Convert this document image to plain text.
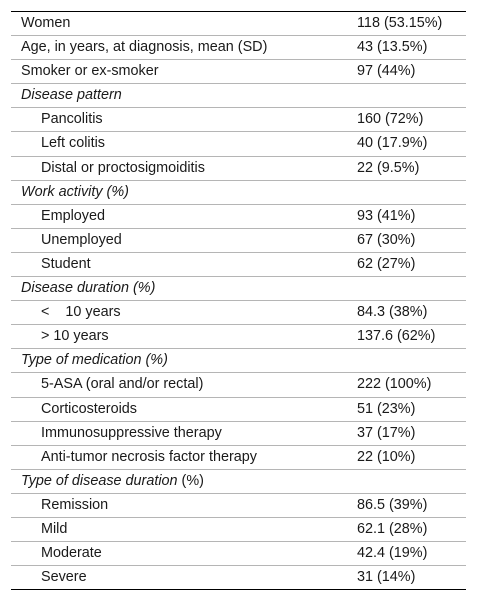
Women	118 (53.15%)
Age, in years, at diagnosis, mean (SD)	43 (13.5%)
Smoker or ex-smoker	97 (44%)
Disease pattern	
Pancolitis	160 (72%)
Left colitis	40 (17.9%)
Distal or proctosigmoiditis	22 (9.5%)
Work activity (%)	
Employed	93 (41%)
Unemployed	67 (30%)
Student	62 (27%)
Disease duration (%)	
< 10 years	84.3 (38%)
> 10 years	137.6 (62%)
Type of medication (%)	
5-ASA (oral and/or rectal)	222 (100%)
Corticosteroids	51 (23%)
Immunosuppressive therapy	37 (17%)
Anti-tumor necrosis factor therapy	22 (10%)
Type of disease duration (%)	
Remission	86.5 (39%)
Mild	62.1 (28%)
Moderate	42.4 (19%)
Severe	31 (14%)
